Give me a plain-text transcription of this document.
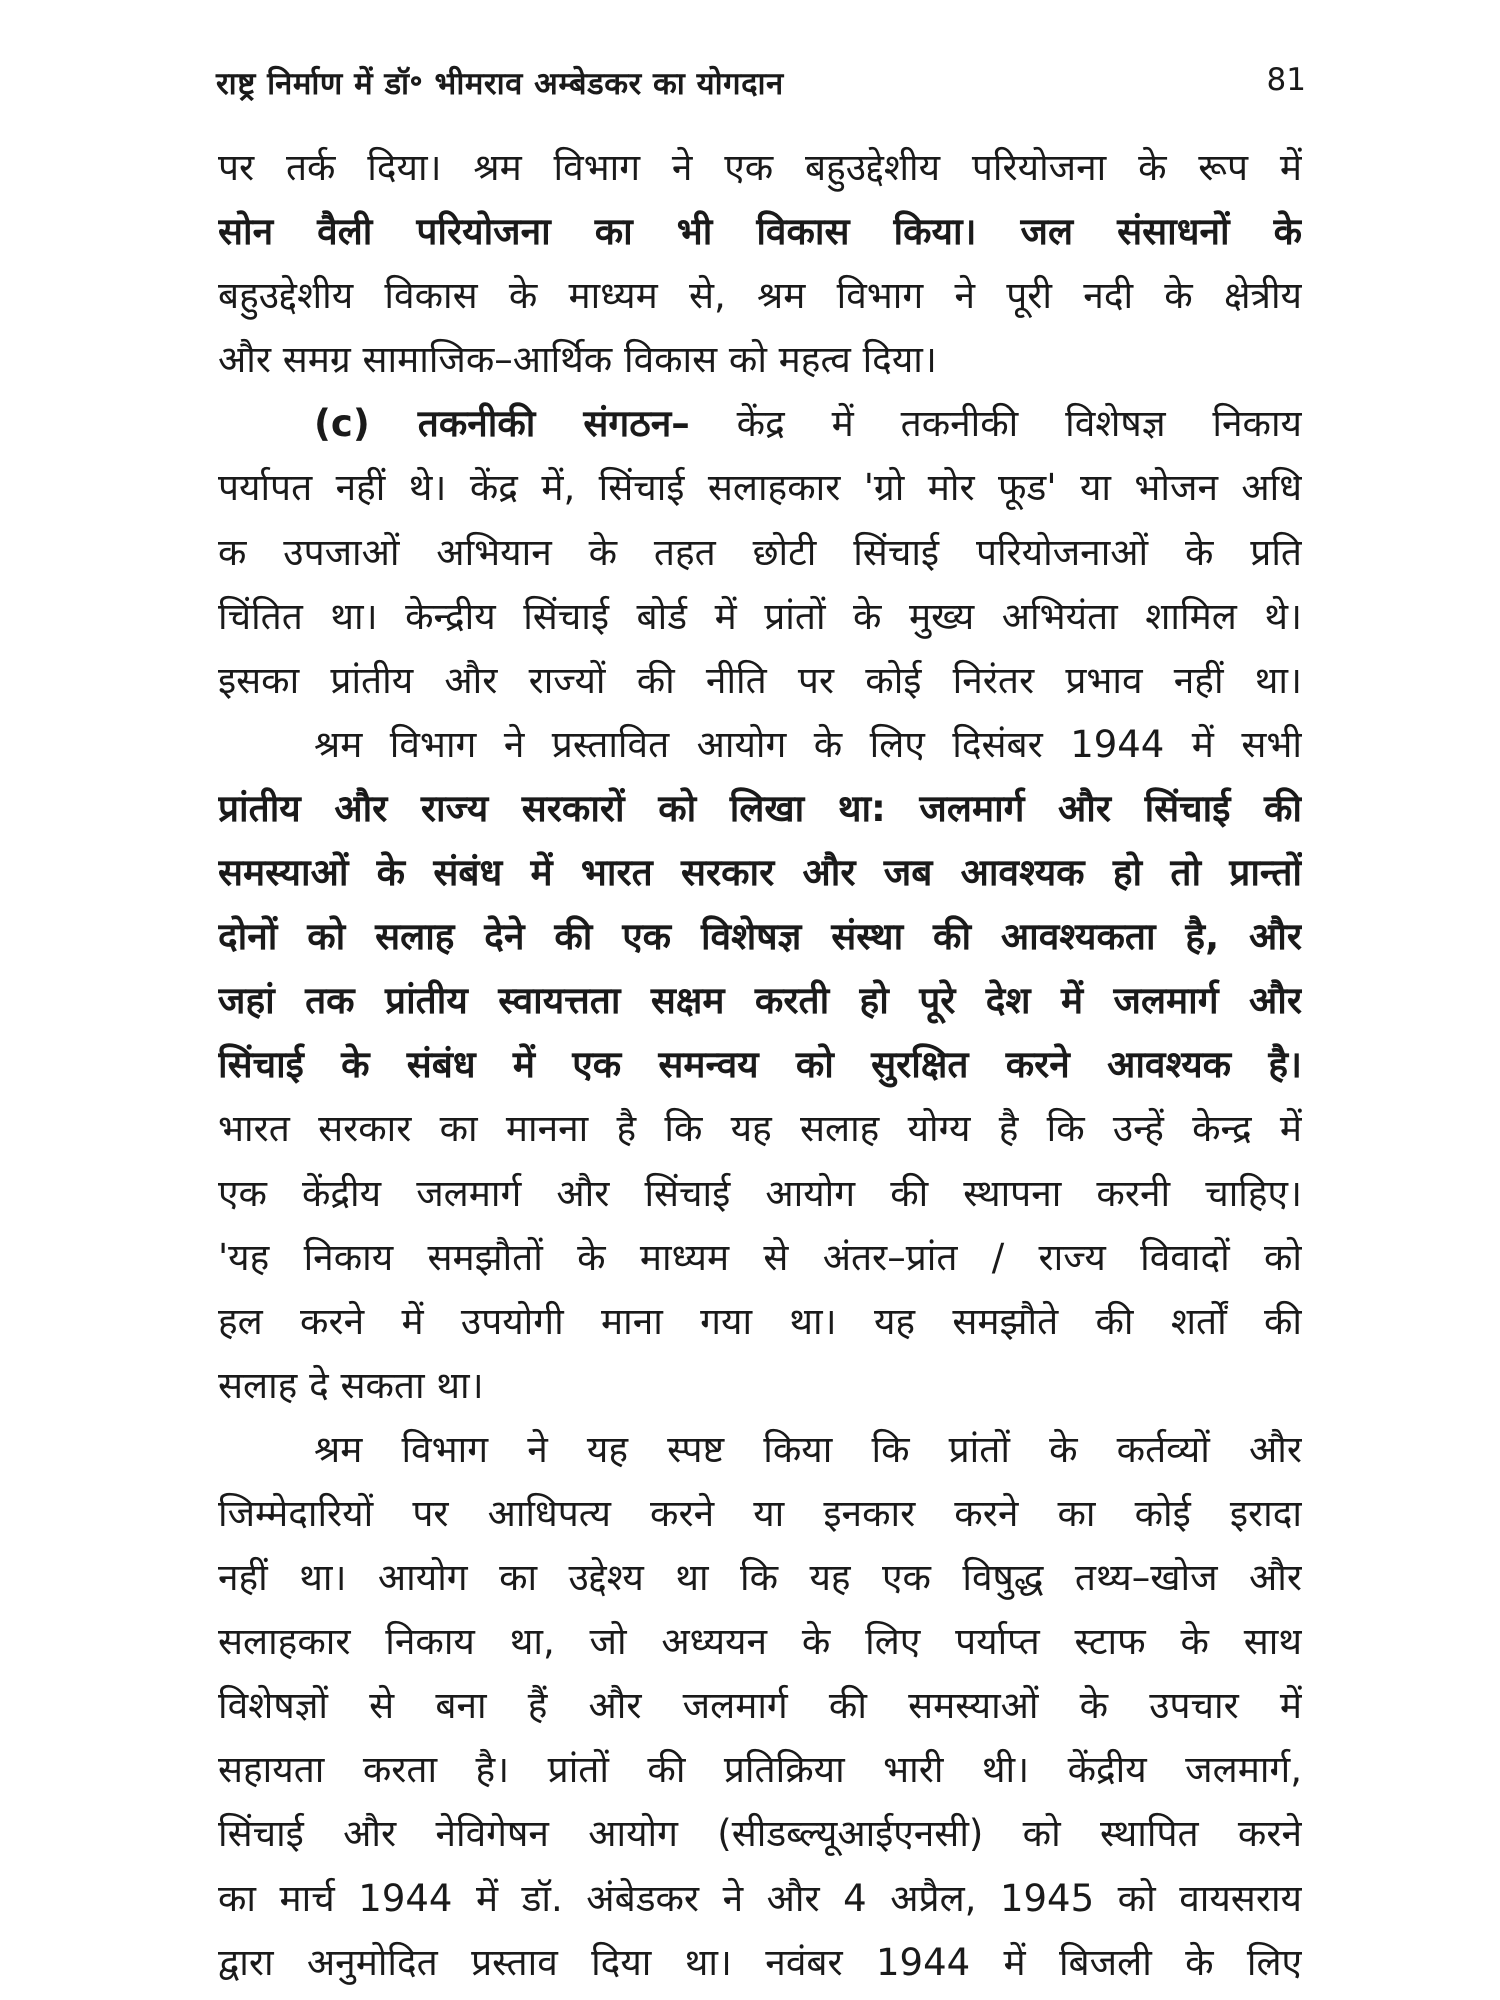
राष्ट्र निर्माण में डॉ॰ भीमराव अम्बेडकर का योगदान	81
पर तर्क दिया। श्रम विभाग ने एक बहुउद्देशीय परियोजना के रूप में
सोन वैली परियोजना का भी विकास किया। जल संसाधनों के
बहुउद्देशीय विकास के माध्यम से, श्रम विभाग ने पूरी नदी के क्षेत्रीय
और समग्र सामाजिक–आर्थिक विकास को महत्व दिया।
(c) तकनीकी संगठन– केंद्र में तकनीकी विशेषज्ञ निकाय
पर्यापत नहीं थे। केंद्र में, सिंचाई सलाहकार 'ग्रो मोर फूड' या भोजन अधि
क उपजाओं अभियान के तहत छोटी सिंचाई परियोजनाओं के प्रति
चिंतित था। केन्द्रीय सिंचाई बोर्ड में प्रांतों के मुख्य अभियंता शामिल थे।
इसका प्रांतीय और राज्यों की नीति पर कोई निरंतर प्रभाव नहीं था।
श्रम विभाग ने प्रस्तावित आयोग के लिए दिसंबर 1944 में सभी
प्रांतीय और राज्य सरकारों को लिखा था: जलमार्ग और सिंचाई की
समस्याओं के संबंध में भारत सरकार और जब आवश्यक हो तो प्रान्तों
दोनों को सलाह देने की एक विशेषज्ञ संस्था की आवश्यकता है, और
जहां तक प्रांतीय स्वायत्तता सक्षम करती हो पूरे देश में जलमार्ग और
सिंचाई के संबंध में एक समन्वय को सुरक्षित करने आवश्यक है।
भारत सरकार का मानना है कि यह सलाह योग्य है कि उन्हें केन्द्र में
एक केंद्रीय जलमार्ग और सिंचाई आयोग की स्थापना करनी चाहिए।
'यह निकाय समझौतों के माध्यम से अंतर–प्रांत / राज्य विवादों को
हल करने में उपयोगी माना गया था। यह समझौते की शर्तों की
सलाह दे सकता था।
श्रम विभाग ने यह स्पष्ट किया कि प्रांतों के कर्तव्यों और
जिम्मेदारियों पर आधिपत्य करने या इनकार करने का कोई इरादा
नहीं था। आयोग का उद्देश्य था कि यह एक विषुद्ध तथ्य–खोज और
सलाहकार निकाय था, जो अध्ययन के लिए पर्याप्त स्टाफ के साथ
विशेषज्ञों से बना हैं और जलमार्ग की समस्याओं के उपचार में
सहायता करता है। प्रांतों की प्रतिक्रिया भारी थी। केंद्रीय जलमार्ग,
सिंचाई और नेविगेषन आयोग (सीडब्ल्यूआईएनसी) को स्थापित करने
का मार्च 1944 में डॉ. अंबेडकर ने और 4 अप्रैल, 1945 को वायसराय
द्वारा अनुमोदित प्रस्ताव दिया था। नवंबर 1944 में बिजली के लिए
